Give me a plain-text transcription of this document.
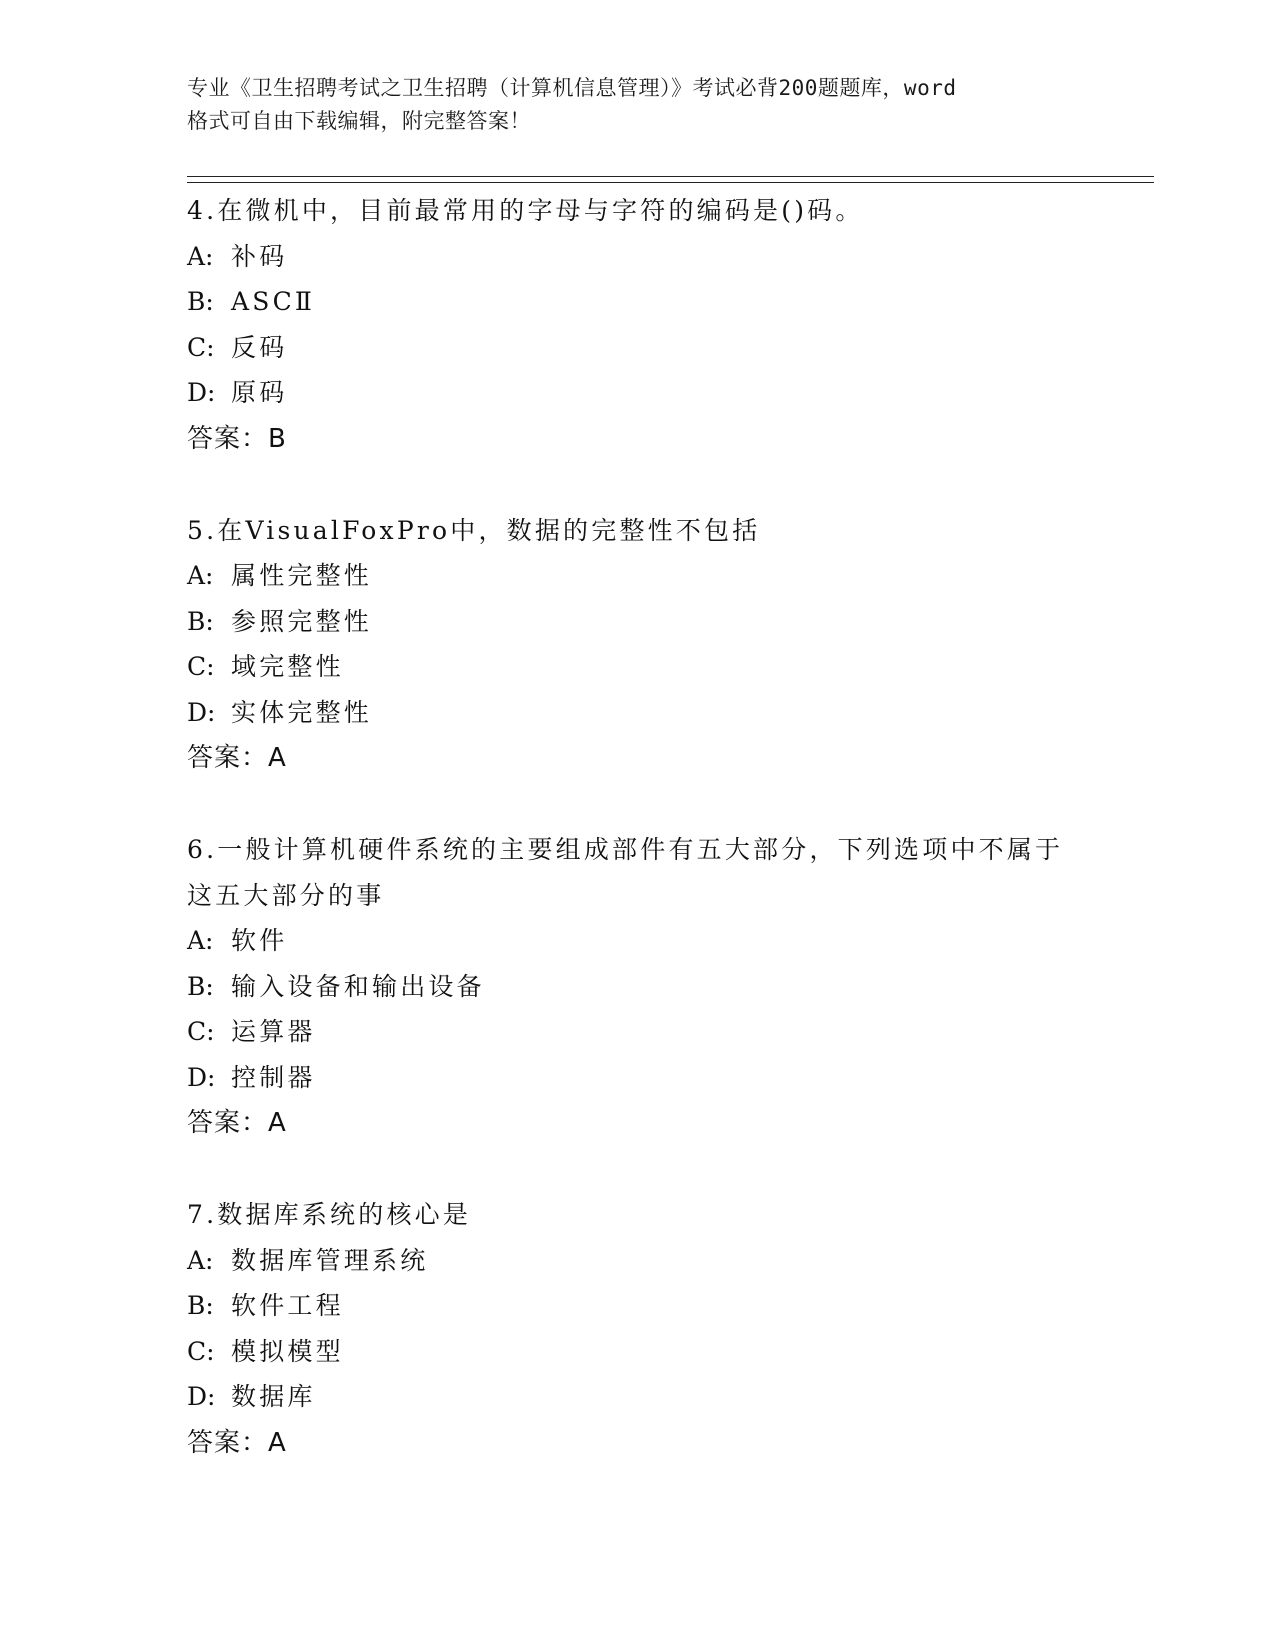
专业《卫生招聘考试之卫生招聘（计算机信息管理）》考试必背200题题库，word
格式可自由下载编辑，附完整答案！
4.在微机中，目前最常用的字母与字符的编码是()码。
A: 补码
B: ASCⅡ
C: 反码
D: 原码
答案：B
5.在VisualFoxPro中，数据的完整性不包括
A: 属性完整性
B: 参照完整性
C: 域完整性
D: 实体完整性
答案：A
6.一般计算机硬件系统的主要组成部件有五大部分，下列选项中不属于这五大部分的事
A: 软件
B: 输入设备和输出设备
C: 运算器
D: 控制器
答案：A
7.数据库系统的核心是
A: 数据库管理系统
B: 软件工程
C: 模拟模型
D: 数据库
答案：A
